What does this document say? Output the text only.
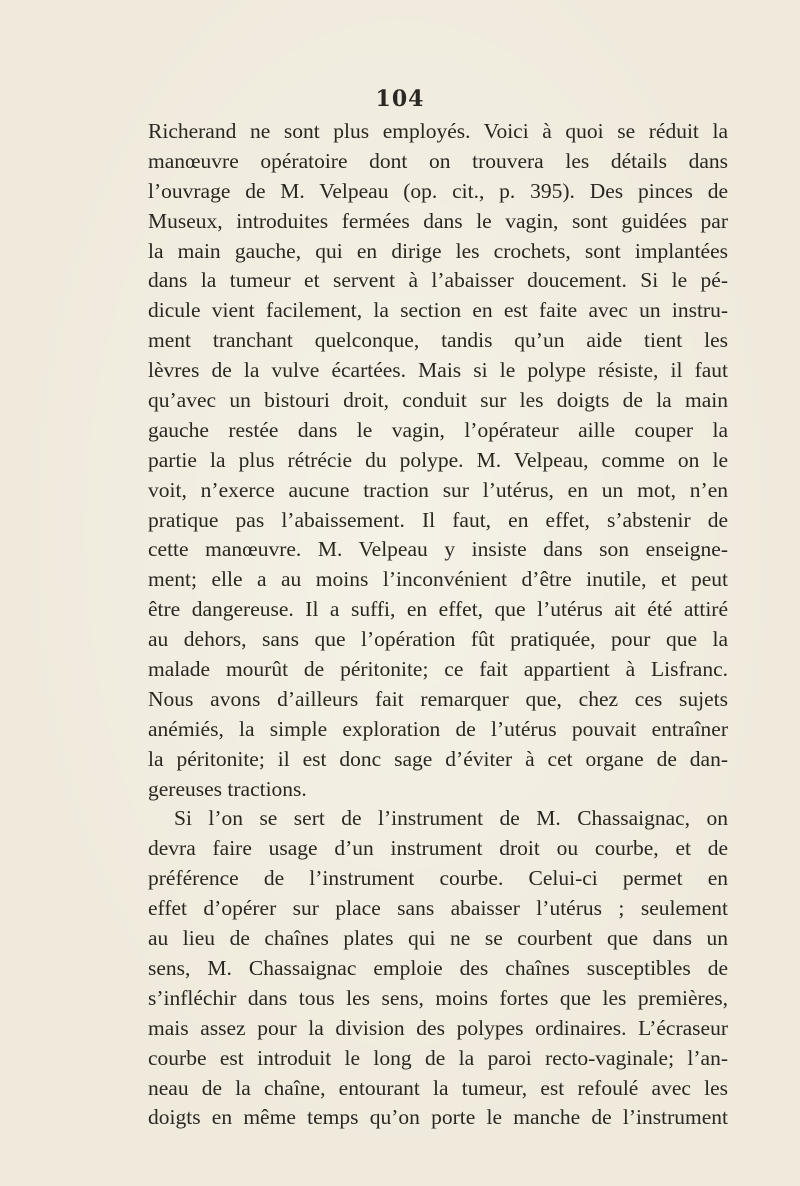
104
Richerand ne sont plus employés. Voici à quoi se réduit la
manœuvre opératoire dont on trouvera les détails dans
l’ouvrage de M. Velpeau (op. cit., p. 395). Des pinces de
Museux, introduites fermées dans le vagin, sont guidées par
la main gauche, qui en dirige les crochets, sont implantées
dans la tumeur et servent à l’abaisser doucement. Si le pé-
dicule vient facilement, la section en est faite avec un instru-
ment tranchant quelconque, tandis qu’un aide tient les
lèvres de la vulve écartées. Mais si le polype résiste, il faut
qu’avec un bistouri droit, conduit sur les doigts de la main
gauche restée dans le vagin, l’opérateur aille couper la
partie la plus rétrécie du polype. M. Velpeau, comme on le
voit, n’exerce aucune traction sur l’utérus, en un mot, n’en
pratique pas l’abaissement. Il faut, en effet, s’abstenir de
cette manœuvre. M. Velpeau y insiste dans son enseigne-
ment; elle a au moins l’inconvénient d’être inutile, et peut
être dangereuse. Il a suffi, en effet, que l’utérus ait été attiré
au dehors, sans que l’opération fût pratiquée, pour que la
malade mourût de péritonite; ce fait appartient à Lisfranc.
Nous avons d’ailleurs fait remarquer que, chez ces sujets
anémiés, la simple exploration de l’utérus pouvait entraîner
la péritonite; il est donc sage d’éviter à cet organe de dan-
gereuses tractions.
Si l’on se sert de l’instrument de M. Chassaignac, on
devra faire usage d’un instrument droit ou courbe, et de
préférence de l’instrument courbe. Celui-ci permet en
effet d’opérer sur place sans abaisser l’utérus ; seulement
au lieu de chaînes plates qui ne se courbent que dans un
sens, M. Chassaignac emploie des chaînes susceptibles de
s’infléchir dans tous les sens, moins fortes que les premières,
mais assez pour la division des polypes ordinaires. L’écraseur
courbe est introduit le long de la paroi recto-vaginale; l’an-
neau de la chaîne, entourant la tumeur, est refoulé avec les
doigts en même temps qu’on porte le manche de l’instrument
